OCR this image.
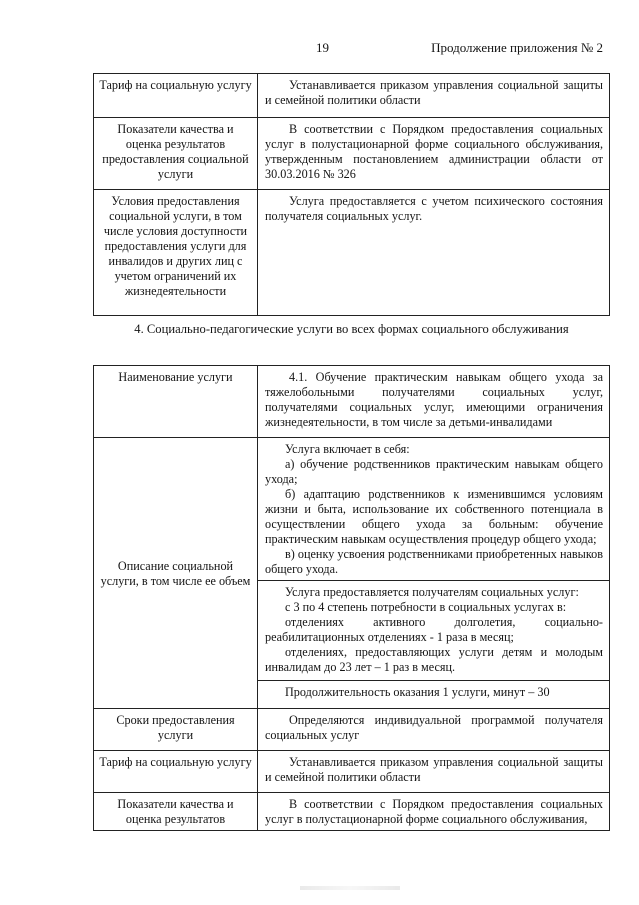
19	Продолжение приложения № 2
Тариф на социальную услугу	Устанавливается приказом управления социальной защиты и семейной политики области

Показатели качества и оценка результатов предоставления социальной услуги	В соответствии с Порядком предоставления социальных услуг в полустационарной форме социального обслуживания, утвержденным постановлением администрации области от 30.03.2016 № 326

Условия предоставления социальной услуги, в том числе условия доступности предоставления услуги для инвалидов и других лиц с учетом ограничений их жизнедеятельности	Услуга предоставляется с учетом психического состояния получателя социальных услуг.

4. Социально-педагогические услуги во всех формах социального обслуживания
Наименование услуги	4.1. Обучение практическим навыкам общего ухода за тяжелобольными получателями социальных услуг, получателями социальных услуг, имеющими ограничения жизнедеятельности, в том числе за детьми-инвалидами

Описание социальной услуги, в том числе ее объем	Услуга включает в себя:

а) обучение родственников практическим навыкам общего ухода;

б) адаптацию родственников к изменившимся условиям жизни и быта, использование их собственного потенциала в осуществлении общего ухода за больным: обучение практическим навыкам осуществления процедур общего ухода;

в) оценку усвоения родственниками приобретенных навыков общего ухода.

	Услуга предоставляется получателям социальных услуг:

с 3 по 4 степень потребности в социальных услугах в:

отделениях активного долголетия, социально-реабилитационных отделениях - 1 раза в месяц;

отделениях, предоставляющих услуги детям и молодым инвалидам до 23 лет – 1 раз в месяц.

	Продолжительность оказания 1 услуги, минут – 30

Сроки предоставления услуги	Определяются индивидуальной программой получателя социальных услуг

Тариф на социальную услугу	Устанавливается приказом управления социальной защиты и семейной политики области

Показатели качества и оценка результатов	В соответствии с Порядком предоставления социальных услуг в полустационарной форме социального обслуживания,
